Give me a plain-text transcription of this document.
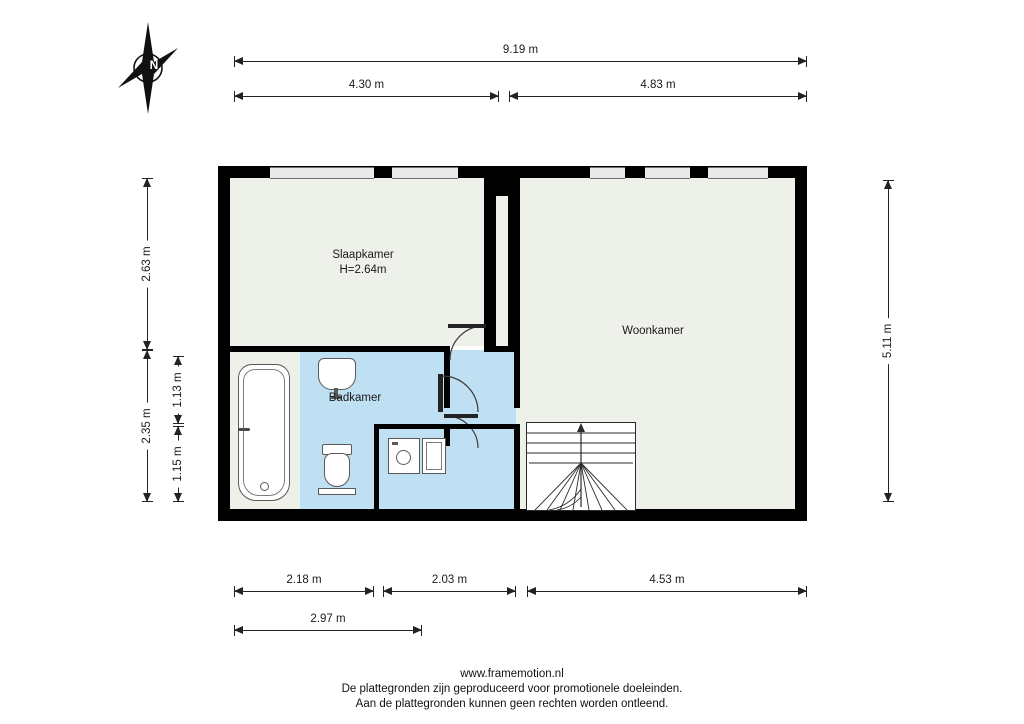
N
9.19 m
4.30 m	4.83 m
2.63 m
2.35 m
1.13 m
1.15 m
5.11 m
2.18 m	2.03 m	4.53 m
2.97 m
Slaapkamer
H=2.64m
Woonkamer
Badkamer
www.framemotion.nl
De plattegronden zijn geproduceerd voor promotionele doeleinden.
Aan de plattegronden kunnen geen rechten worden ontleend.
